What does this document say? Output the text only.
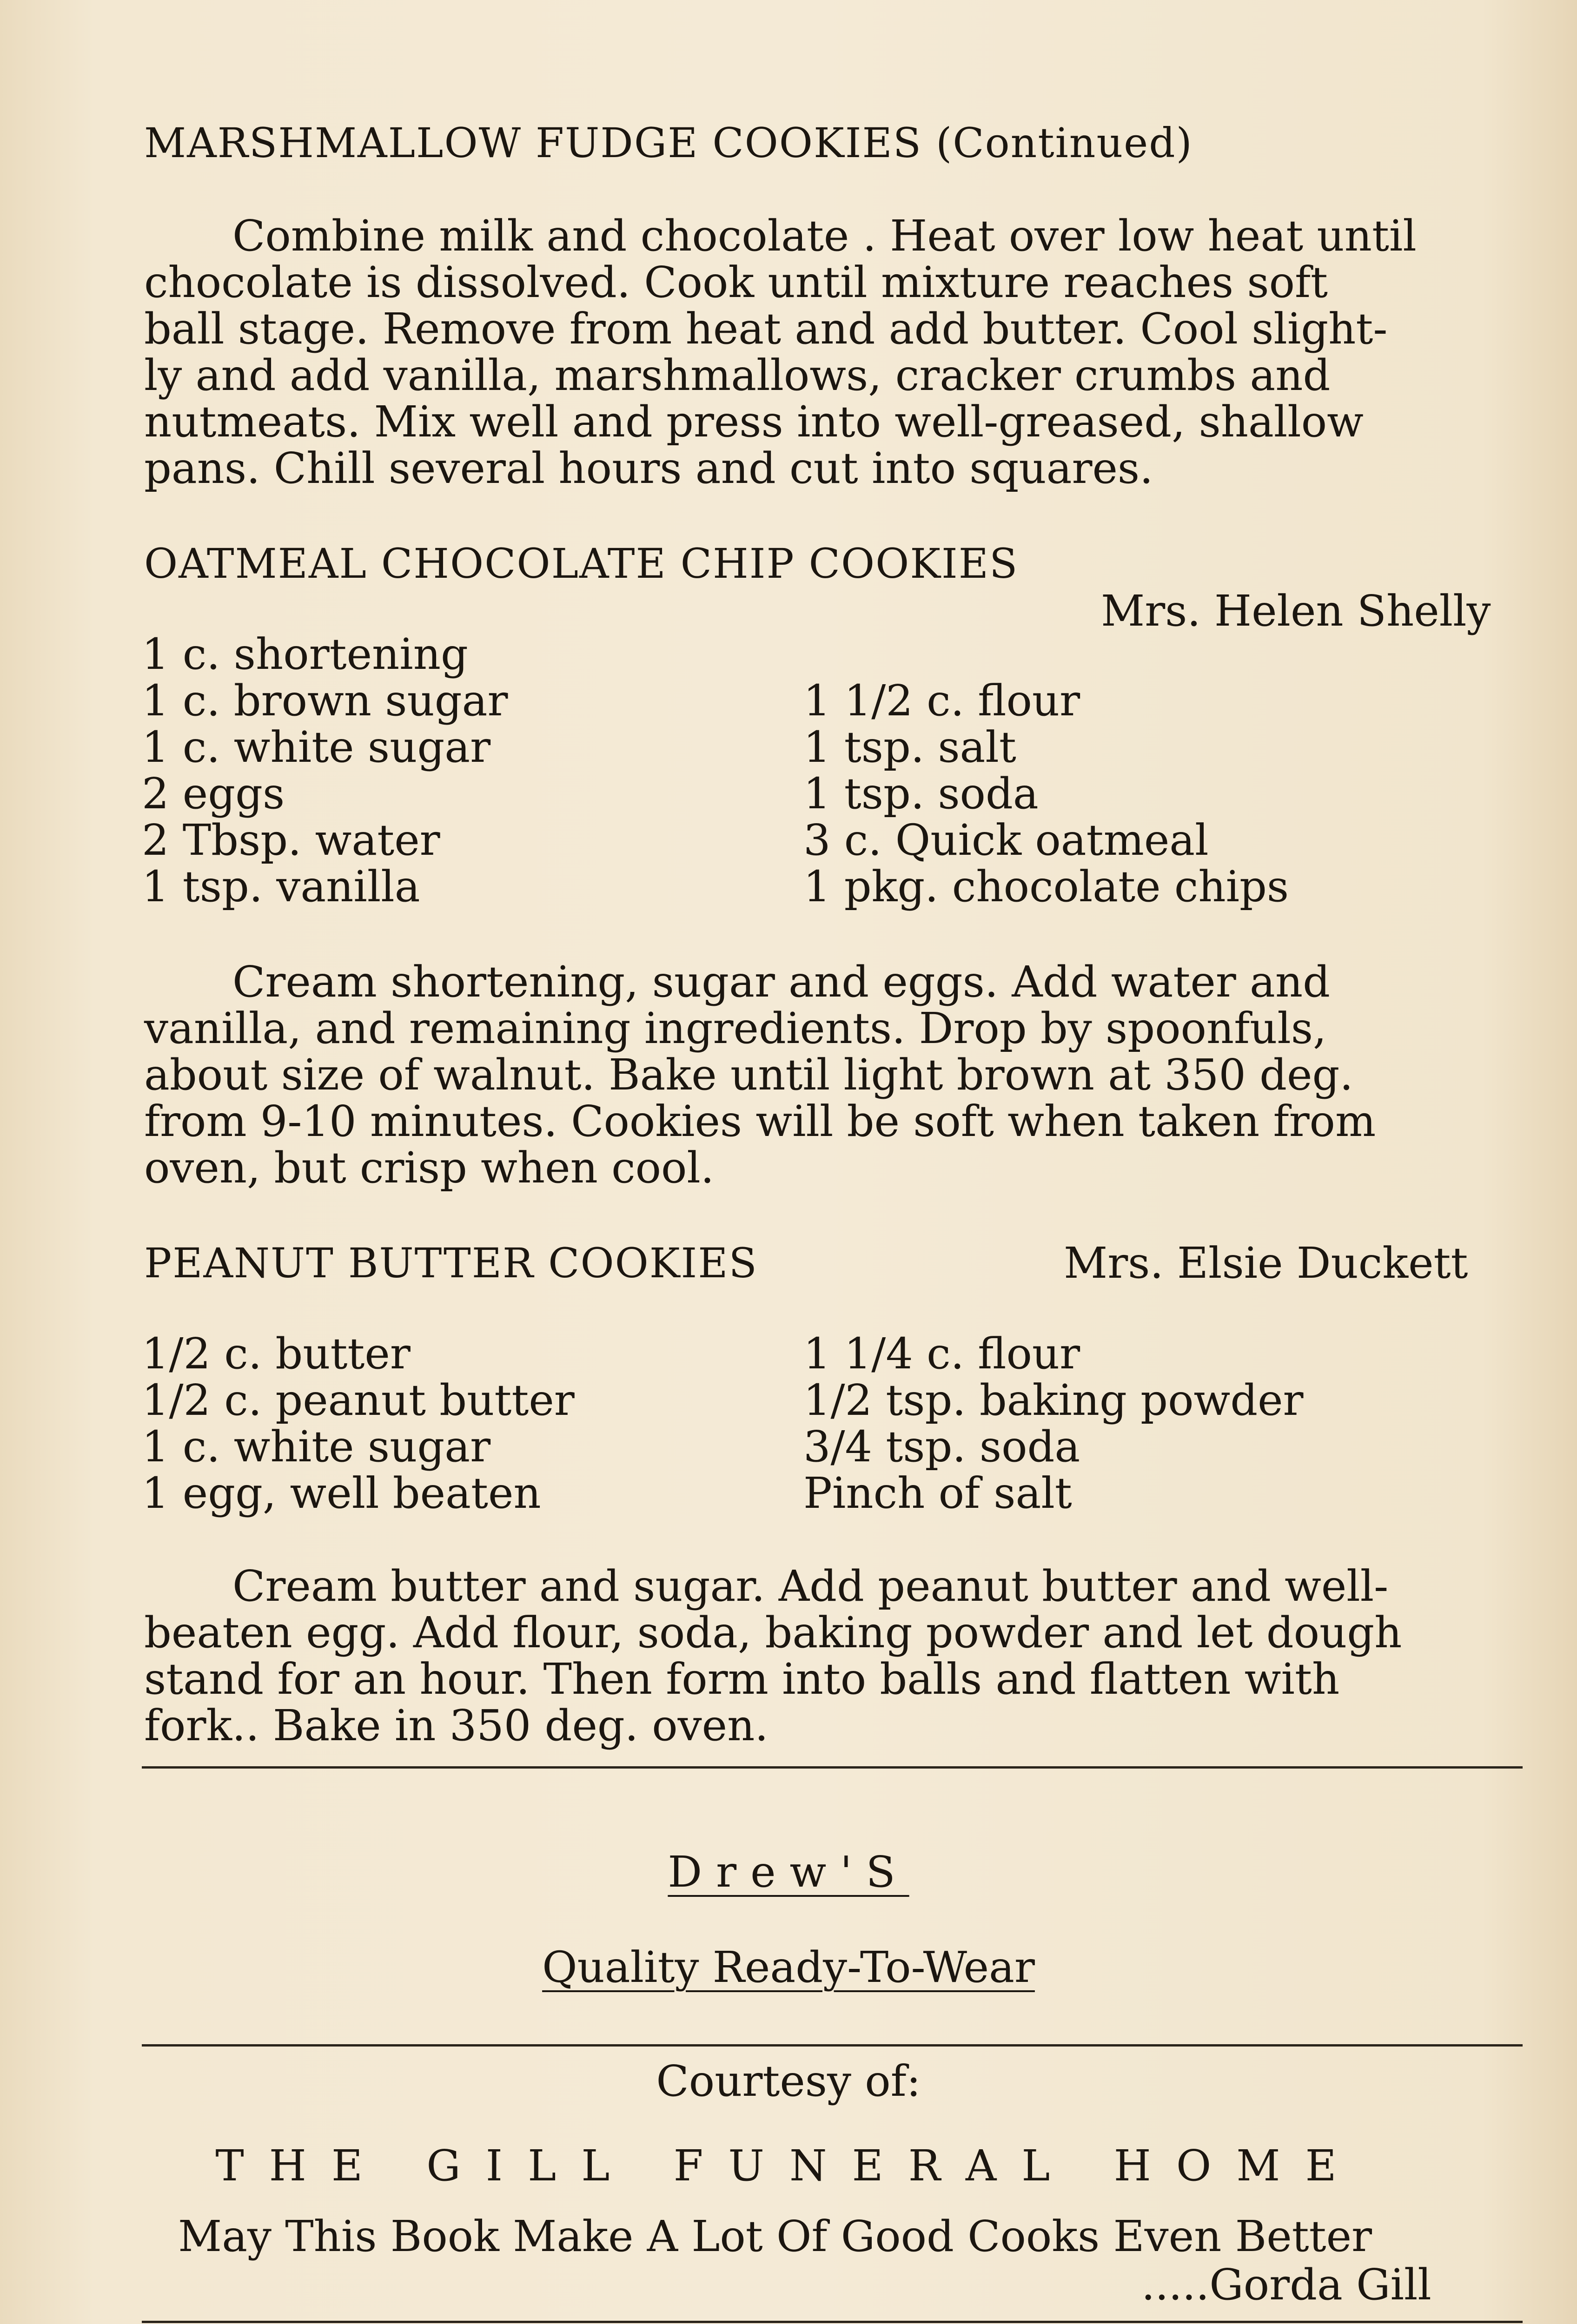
MARSHMALLOW FUDGE COOKIES (Continued)
Combine milk and chocolate . Heat over low heat until
chocolate is dissolved. Cook until mixture reaches soft
ball stage. Remove from heat and add butter. Cool slight-
ly and add vanilla, marshmallows, cracker crumbs and
nutmeats. Mix well and press into well-greased, shallow
pans. Chill several hours and cut into squares.
OATMEAL CHOCOLATE CHIP COOKIES
Mrs. Helen Shelly
1 c. shortening
1 c. brown sugar
1 c. white sugar
2 eggs
2 Tbsp. water
1 tsp. vanilla
1 1/2 c. flour
1 tsp. salt
1 tsp. soda
3 c. Quick oatmeal
1 pkg. chocolate chips
Cream shortening, sugar and eggs. Add water and
vanilla, and remaining ingredients. Drop by spoonfuls,
about size of walnut. Bake until light brown at 350 deg.
from 9-10 minutes. Cookies will be soft when taken from
oven, but crisp when cool.
PEANUT BUTTER COOKIES	Mrs. Elsie Duckett
1/2 c. butter
1/2 c. peanut butter
1 c. white sugar
1 egg, well beaten
1 1/4 c. flour
1/2 tsp. baking powder
3/4 tsp. soda
Pinch of salt
Cream butter and sugar. Add peanut butter and well-
beaten egg. Add flour, soda, baking powder and let dough
stand for an hour. Then form into balls and flatten with
fork.. Bake in 350 deg. oven.
Drew'S
Quality Ready-To-Wear
Courtesy of:
THE GILL FUNERAL HOME
May This Book Make A Lot Of Good Cooks Even Better
.....Gorda Gill
